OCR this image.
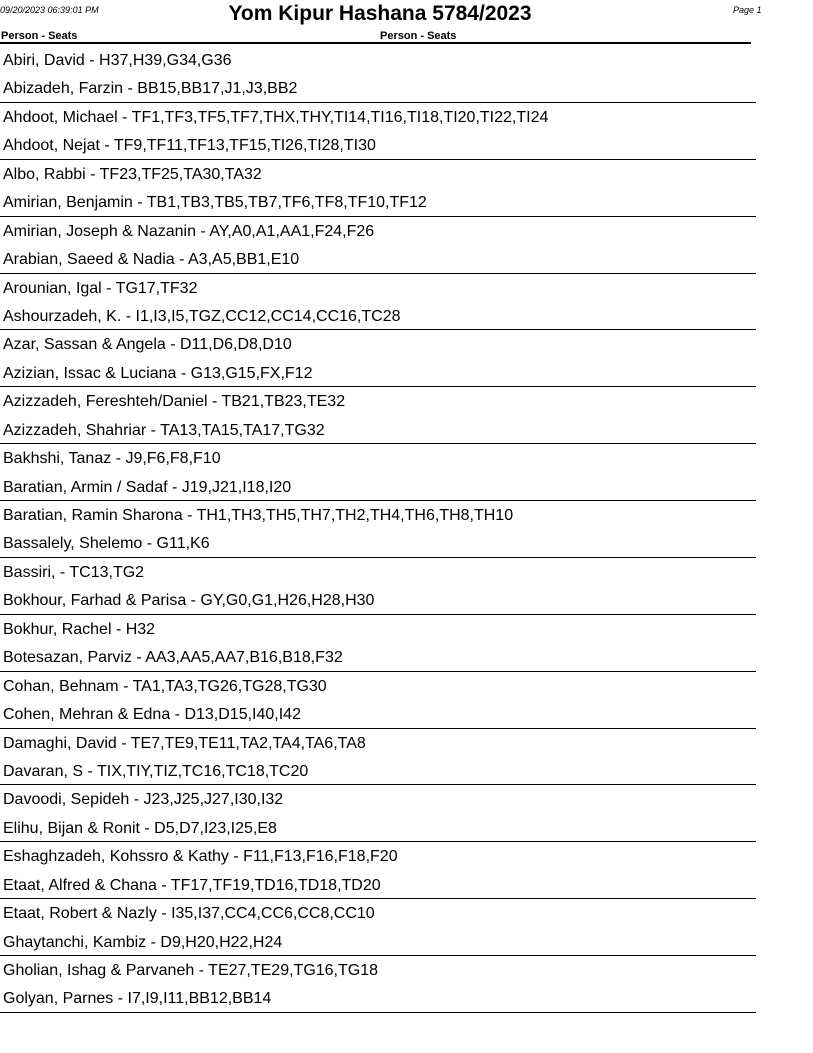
09/20/2023 06:39:01 PM	Yom Kipur Hashana 5784/2023	Page 1
Person - Seats	Person - Seats
Abiri, David - H37,H39,G34,G36
Abizadeh, Farzin - BB15,BB17,J1,J3,BB2
Ahdoot, Michael - TF1,TF3,TF5,TF7,THX,THY,TI14,TI16,TI18,TI20,TI22,TI24
Ahdoot, Nejat - TF9,TF11,TF13,TF15,TI26,TI28,TI30
Albo, Rabbi - TF23,TF25,TA30,TA32
Amirian, Benjamin - TB1,TB3,TB5,TB7,TF6,TF8,TF10,TF12
Amirian, Joseph & Nazanin - AY,A0,A1,AA1,F24,F26
Arabian, Saeed & Nadia - A3,A5,BB1,E10
Arounian, Igal - TG17,TF32
Ashourzadeh, K. - I1,I3,I5,TGZ,CC12,CC14,CC16,TC28
Azar, Sassan & Angela - D11,D6,D8,D10
Azizian, Issac & Luciana - G13,G15,FX,F12
Azizzadeh, Fereshteh/Daniel - TB21,TB23,TE32
Azizzadeh, Shahriar - TA13,TA15,TA17,TG32
Bakhshi, Tanaz - J9,F6,F8,F10
Baratian, Armin / Sadaf - J19,J21,I18,I20
Baratian, Ramin Sharona - TH1,TH3,TH5,TH7,TH2,TH4,TH6,TH8,TH10
Bassalely, Shelemo - G11,K6
Bassiri, - TC13,TG2
Bokhour, Farhad & Parisa - GY,G0,G1,H26,H28,H30
Bokhur, Rachel - H32
Botesazan, Parviz - AA3,AA5,AA7,B16,B18,F32
Cohan, Behnam - TA1,TA3,TG26,TG28,TG30
Cohen, Mehran & Edna - D13,D15,I40,I42
Damaghi, David - TE7,TE9,TE11,TA2,TA4,TA6,TA8
Davaran, S - TIX,TIY,TIZ,TC16,TC18,TC20
Davoodi, Sepideh - J23,J25,J27,I30,I32
Elihu, Bijan & Ronit - D5,D7,I23,I25,E8
Eshaghzadeh, Kohssro & Kathy - F11,F13,F16,F18,F20
Etaat, Alfred & Chana - TF17,TF19,TD16,TD18,TD20
Etaat, Robert & Nazly - I35,I37,CC4,CC6,CC8,CC10
Ghaytanchi, Kambiz - D9,H20,H22,H24
Gholian, Ishag & Parvaneh - TE27,TE29,TG16,TG18
Golyan, Parnes - I7,I9,I11,BB12,BB14
